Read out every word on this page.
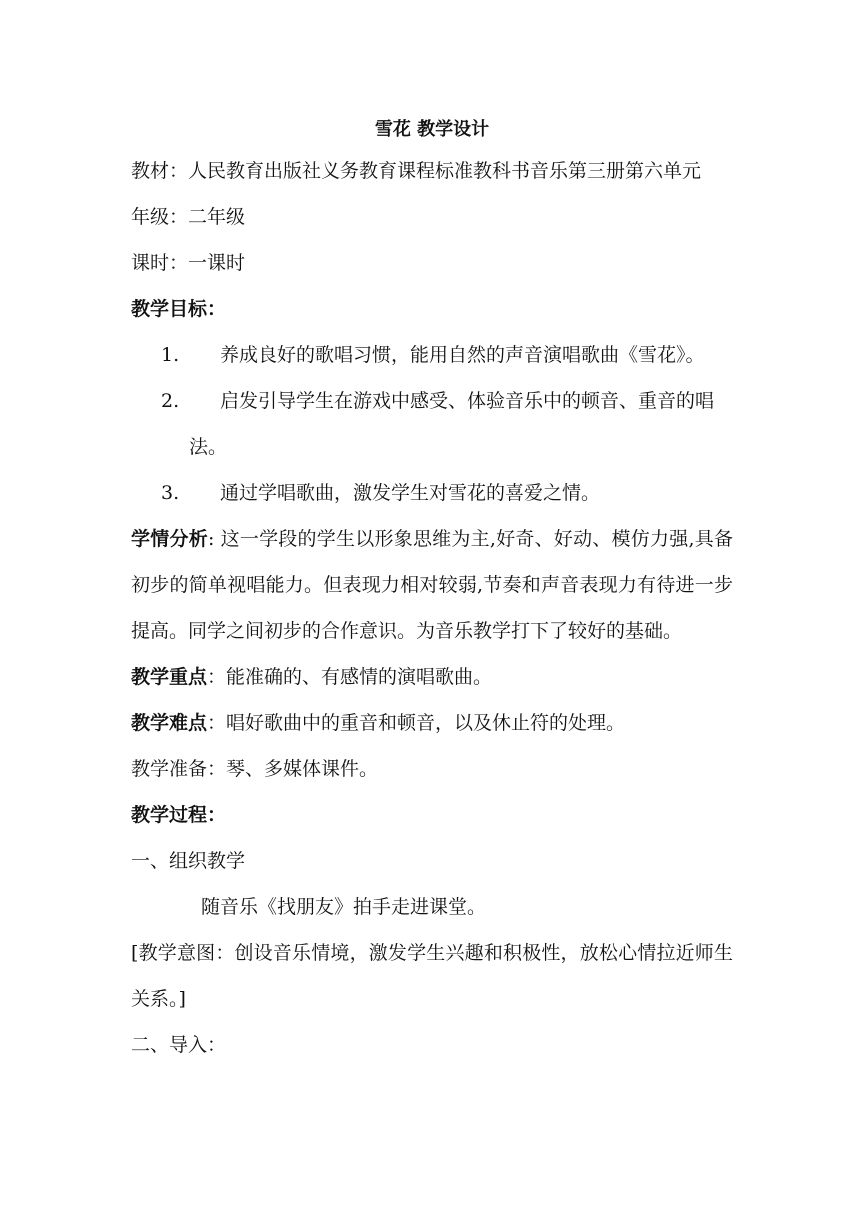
雪花 教学设计

教材：人民教育出版社义务教育课程标准教科书音乐第三册第六单元

年级：二年级

课时：一课时

教学目标：

1.	养成良好的歌唱习惯，能用自然的声音演唱歌曲《雪花》。

2.	启发引导学生在游戏中感受、体验音乐中的顿音、重音的唱法。

3.	通过学唱歌曲，激发学生对雪花的喜爱之情。

学情分析: 这一学段的学生以形象思维为主,好奇、好动、模仿力强,具备初步的简单视唱能力。但表现力相对较弱,节奏和声音表现力有待进一步提高。同学之间初步的合作意识。为音乐教学打下了较好的基础。

教学重点：能准确的、有感情的演唱歌曲。

教学难点：唱好歌曲中的重音和顿音，以及休止符的处理。

教学准备：琴、多媒体课件。

教学过程：

一、组织教学

随音乐《找朋友》拍手走进课堂。

[教学意图：创设音乐情境，激发学生兴趣和积极性，放松心情拉近师生关系。]

二、导入：
